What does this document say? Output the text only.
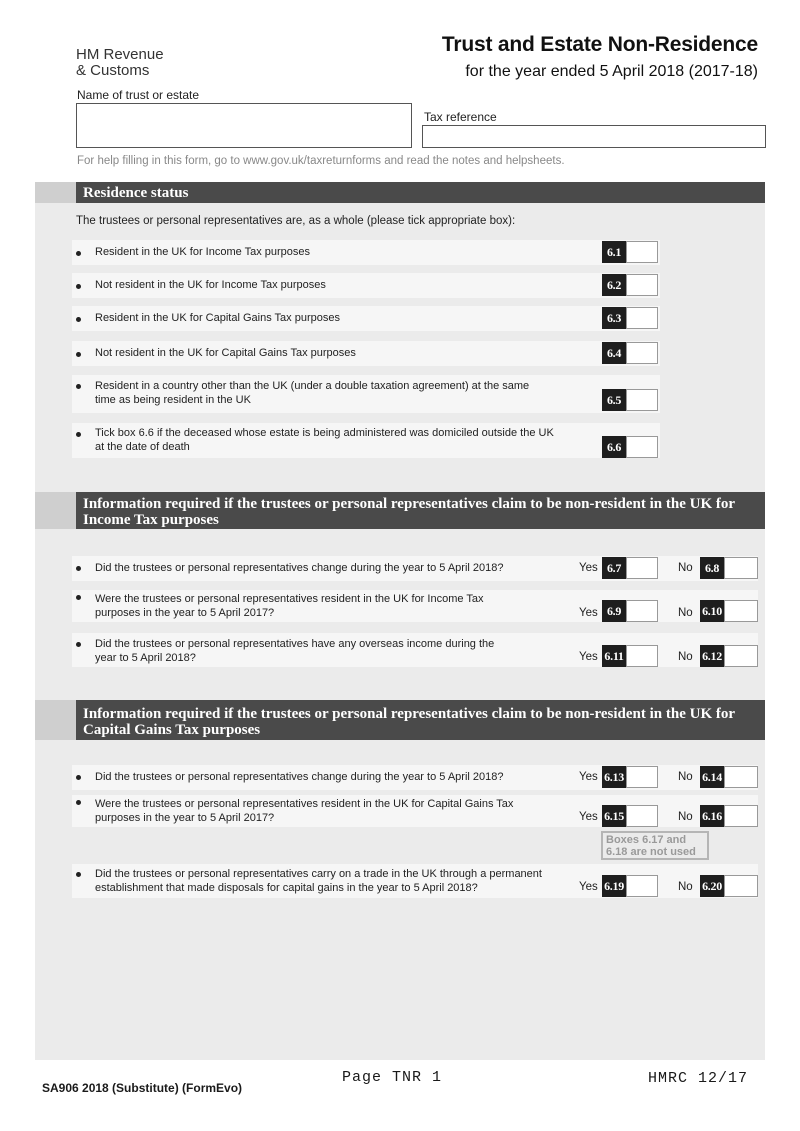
HM Revenue
& Customs
Trust and Estate Non-Residence
for the year ended 5 April 2018 (2017-18)
Name of trust or estate
Tax reference
For help filling in this form, go to www.gov.uk/taxreturnforms and read the notes and helpsheets.
Residence status
The trustees or personal representatives are, as a whole (please tick appropriate box):
Resident in the UK for Income Tax purposes	6.1
Not resident in the UK for Income Tax purposes	6.2
Resident in the UK for Capital Gains Tax purposes	6.3
Not resident in the UK for Capital Gains Tax purposes	6.4
Resident in a country other than the UK (under a double taxation agreement) at the same time as being resident in the UK	6.5
Tick box 6.6 if the deceased whose estate is being administered was domiciled outside the UK at the date of death	6.6
Information required if the trustees or personal representatives claim to be non-resident in the UK for Income Tax purposes
Did the trustees or personal representatives change during the year to 5 April 2018?	Yes 6.7	No	6.8
Were the trustees or personal representatives resident in the UK for Income Tax purposes in the year to 5 April 2017?	Yes 6.9	No 6.10
Did the trustees or personal representatives have any overseas income during the year to 5 April 2018?	Yes 6.11	No 6.12
Information required if the trustees or personal representatives claim to be non-resident in the UK for Capital Gains Tax purposes
Did the trustees or personal representatives change during the year to 5 April 2018?	Yes 6.13	No 6.14
Were the trustees or personal representatives resident in the UK for Capital Gains Tax purposes in the year to 5 April 2017?	Yes 6.15	No 6.16
Boxes 6.17 and 6.18 are not used
Did the trustees or personal representatives carry on a trade in the UK through a permanent establishment that made disposals for capital gains in the year to 5 April 2018?	Yes 6.19	No 6.20
SA906 2018 (Substitute) (FormEvo)
Page TNR 1	HMRC 12/17
